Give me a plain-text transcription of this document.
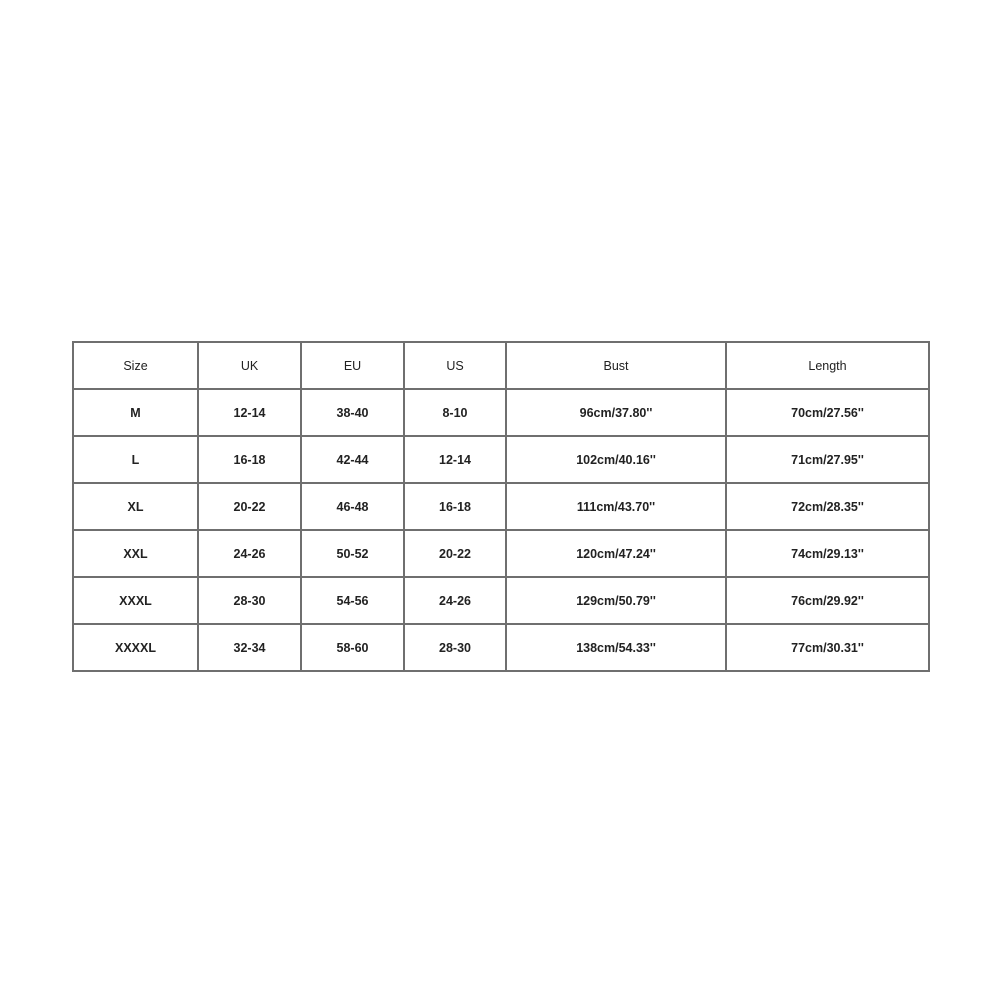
Size	UK	EU	US	Bust	Length
M	12-14	38-40	8-10	96cm/37.80''	70cm/27.56''
L	16-18	42-44	12-14	102cm/40.16''	71cm/27.95''
XL	20-22	46-48	16-18	111cm/43.70''	72cm/28.35''
XXL	24-26	50-52	20-22	120cm/47.24''	74cm/29.13''
XXXL	28-30	54-56	24-26	129cm/50.79''	76cm/29.92''
XXXXL	32-34	58-60	28-30	138cm/54.33''	77cm/30.31''
